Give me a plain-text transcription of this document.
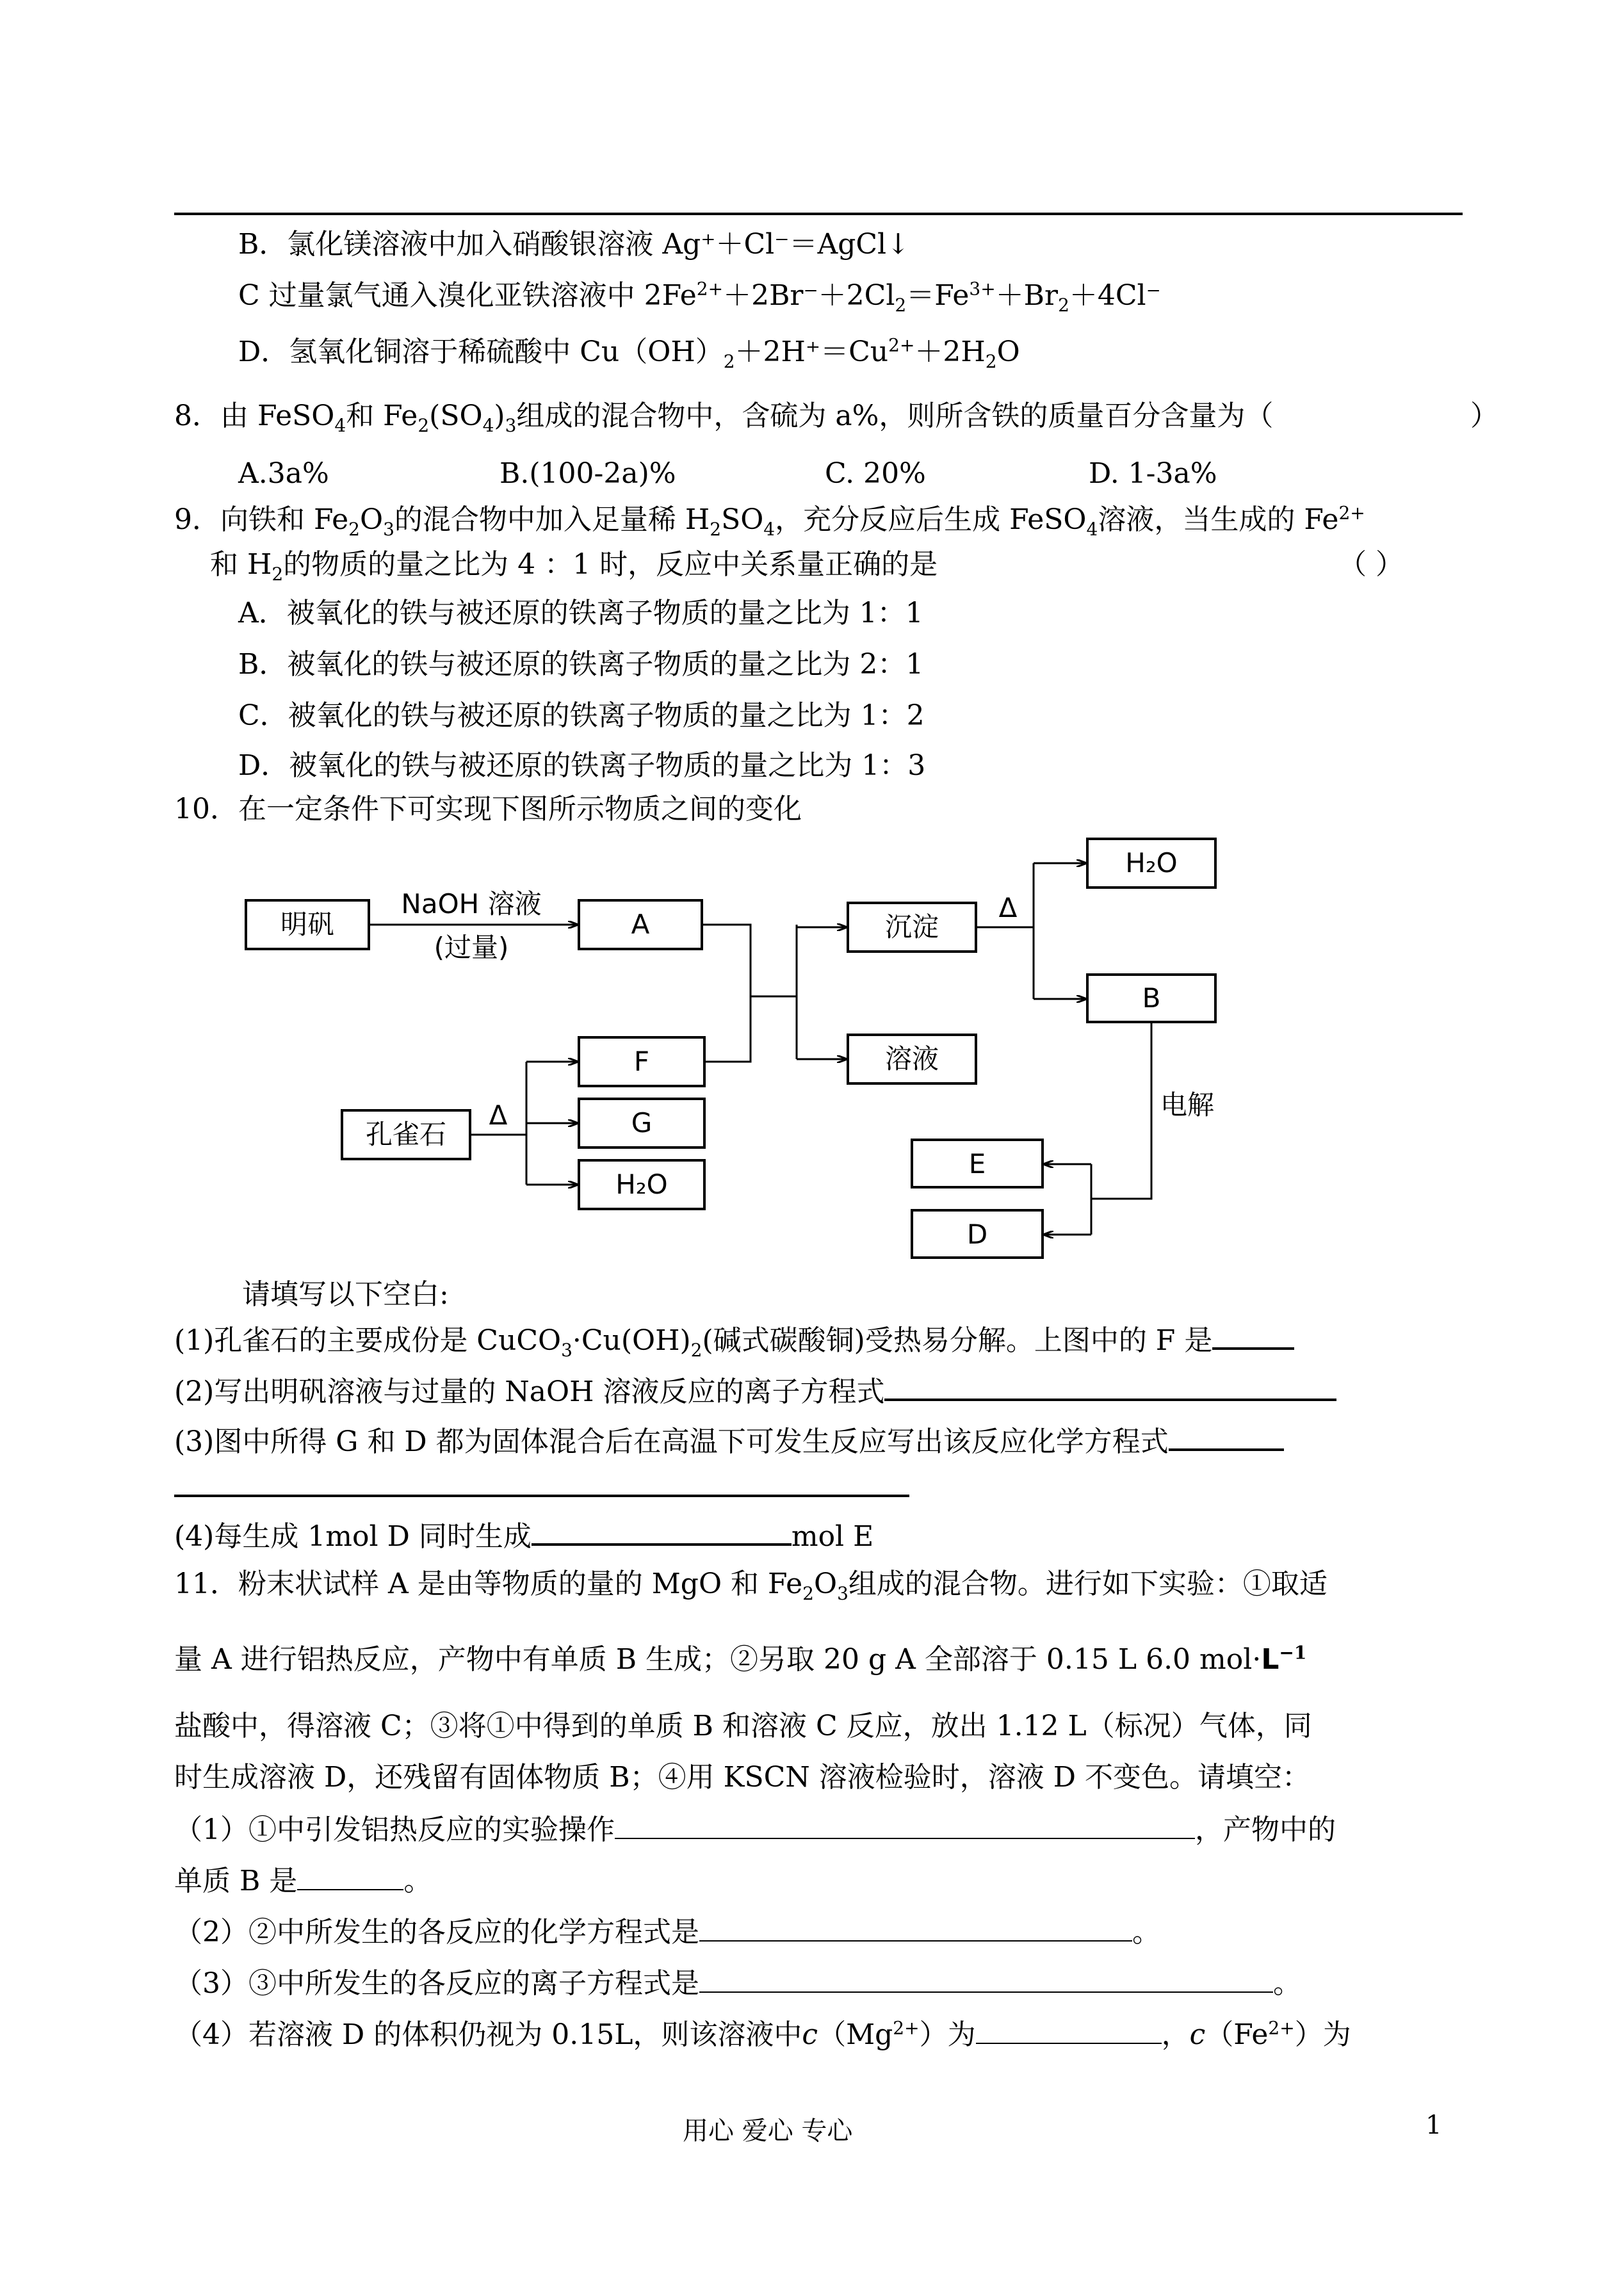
B．氯化镁溶液中加入硝酸银溶液 Ag⁺＋Cl⁻＝AgCl↓
C 过量氯气通入溴化亚铁溶液中 $2Fe^{2+}+2Br^-+2Cl_2=Fe^{3+}+Br_2+4Cl^-$
D．氢氧化铜溶于稀硫酸中 $Cu(OH)_2+2H^+=Cu^{2+}+2H_2O$
8．由 FeSO$_4$和 $Fe_2(SO_4)_3$组成的混合物中，含硫为 a%，则所含铁的质量百分含量为（	）
A.3a%	B.(100-2a)%	C. 20%	D. 1-3a%
9．向铁和 $Fe_2O_3$的混合物中加入足量稀 $H_2SO_4$，充分反应后生成 FeSO$_4$溶液，当生成的 $Fe^{2+}$
和 $H_2$的物质的量之比为 4 ：1 时，反应中关系量正确的是	（ ）
A．被氧化的铁与被还原的铁离子物质的量之比为 1：1
B．被氧化的铁与被还原的铁离子物质的量之比为 2：1
C．被氧化的铁与被还原的铁离子物质的量之比为 1：2
D．被氧化的铁与被还原的铁离子物质的量之比为 1：3
10．在一定条件下可实现下图所示物质之间的变化
明矾	A	沉淀
溶液
H₂O
B
F
G
H₂O
孔雀石
E
D
NaOH 溶液
(过量)
Δ
Δ	电解
请填写以下空白:
(1)孔雀石的主要成份是 $CuCO_3\cdot Cu(OH)_2$(碱式碳酸铜)受热易分解。上图中的 F 是
(2)写出明矾溶液与过量的 NaOH 溶液反应的离子方程式
(3)图中所得 G 和 D 都为固体混合后在高温下可发生反应写出该反应化学方程式
(4)每生成 1mol D 同时生成	mol E
11．粉末状试样 A 是由等物质的量的 MgO 和 $Fe_2O_3$组成的混合物。进行如下实验：①取适
量 A 进行铝热反应，产物中有单质 B 生成；②另取 20 g A 全部溶于 0.15 L 6.0 $mol\cdot L^{-1}$
盐酸中，得溶液 C；③将①中得到的单质 B 和溶液 C 反应，放出 1.12 L（标况）气体，同
时生成溶液 D，还残留有固体物质 B；④用 KSCN 溶液检验时，溶液 D 不变色。请填空：
（1）①中引发铝热反应的实验操作	，产物中的
单质 B 是	。
（2）②中所发生的各反应的化学方程式是	。
（3）③中所发生的各反应的离子方程式是	。
（4）若溶液 D 的体积仍视为 0.15L，则该溶液中$c(Mg^{2+})$为	，$c(Fe^{2+})$为
用心 爱心 专心	1
